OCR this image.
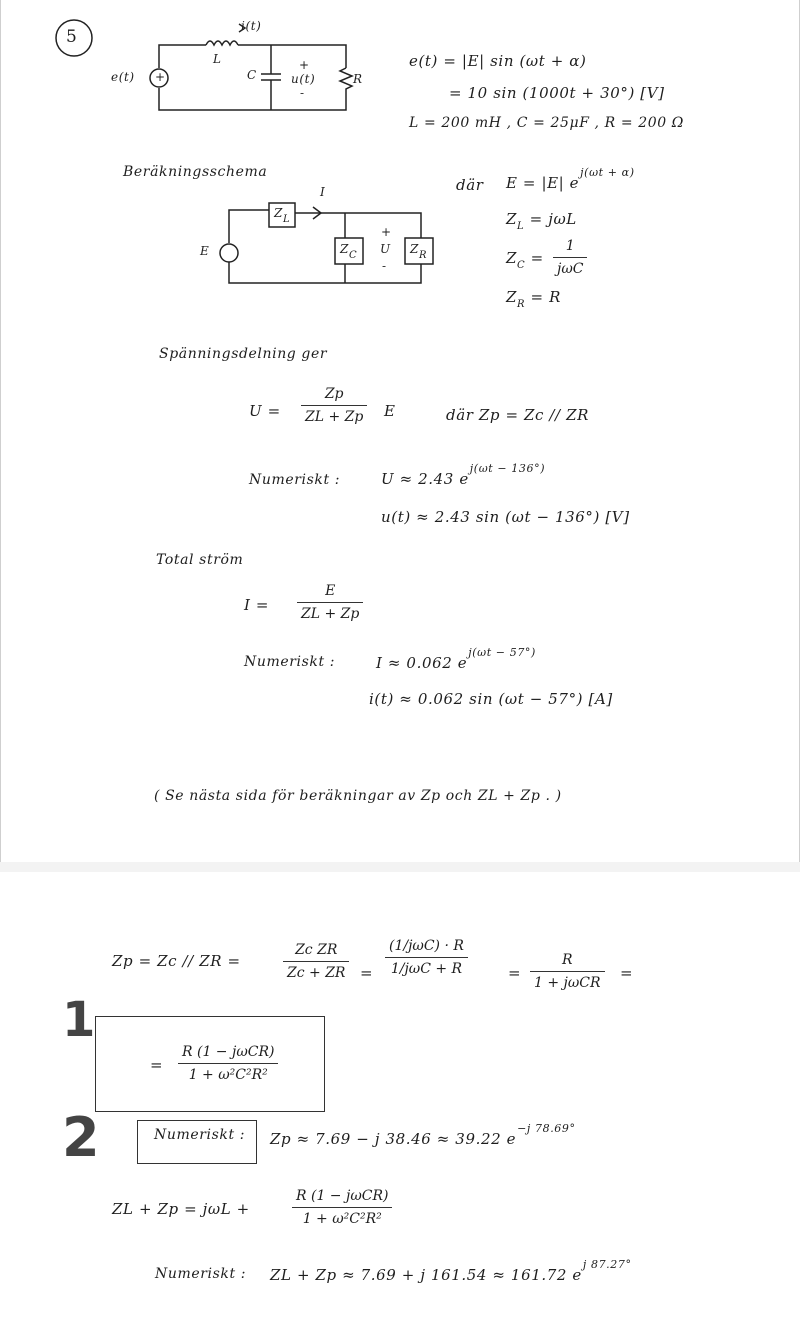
5
i(t)
e(t) +
L
C
+
u(t)
-
R
e(t) = |E| sin (ωt + α)
= 10 sin (1000t + 30°) [V]
L = 200 mH , C = 25μF , R = 200 Ω
Beräkningsschema
I
E
$Z_L$
$Z_C$	$Z_R$
+
U
-
där E = |E| $e^{j(\omega t + \alpha)}$
$Z_L = j\omega L$
$Z_C$ =
1
jωC
$Z_R = R$
Spänningsdelning ger
U =
Zp
ZL + Zp E	där Zp = Zc // ZR
Numeriskt :	U ≈ 2.43 $e^{j(\omega t - 136^\circ)}$
u(t) ≈ 2.43 sin (ωt − 136°) [V]
Total ström
I =
E
ZL + Zp
Numeriskt :	I ≈ 0.062 $e^{j(\omega t - 57^\circ)}$
i(t) ≈ 0.062 sin (ωt − 57°) [A]
( Se nästa sida för beräkningar av Zp och ZL + Zp . )
Zp = Zc // ZR =
Zc ZR
Zc + ZR =
(1/jωC) · R
1/jωC + R	=
R
1 + jωCR
=
1
=
R (1 − jωCR)
1 + ω²C²R²
2	Numeriskt : Zp ≈ 7.69 − j 38.46 ≈ 39.22 $e^{-j 78.69^\circ}$
ZL + Zp = jωL +
R (1 − jωCR)
1 + ω²C²R²
Numeriskt : ZL + Zp ≈ 7.69 + j 161.54 ≈ 161.72 $e^{j 87.27^\circ}$
